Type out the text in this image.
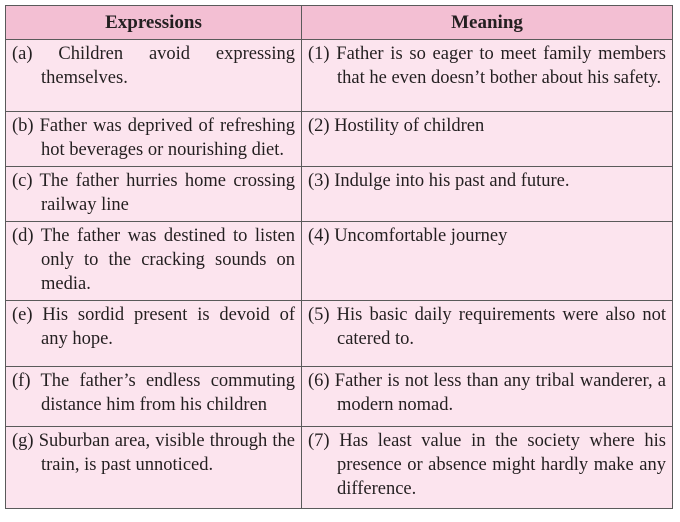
Expressions	Meaning

(a) Children avoid expressing themselves.	(1) Father is so eager to meet family members that he even doesn’t bother about his safety.

(b) Father was deprived of refreshing hot beverages or nourishing diet.	(2) Hostility of children

(c) The father hurries home crossing railway line	(3) Indulge into his past and future.

(d) The father was destined to listen only to the cracking sounds on media.	(4) Uncomfortable journey

(e) His sordid present is devoid of any hope.	(5) His basic daily requirements were also not catered to.

(f) The father’s endless commuting distance him from his children	(6) Father is not less than any tribal wanderer, a modern nomad.

(g) Suburban area, visible through the train, is past unnoticed.	(7) Has least value in the society where his presence or absence might hardly make any difference.
